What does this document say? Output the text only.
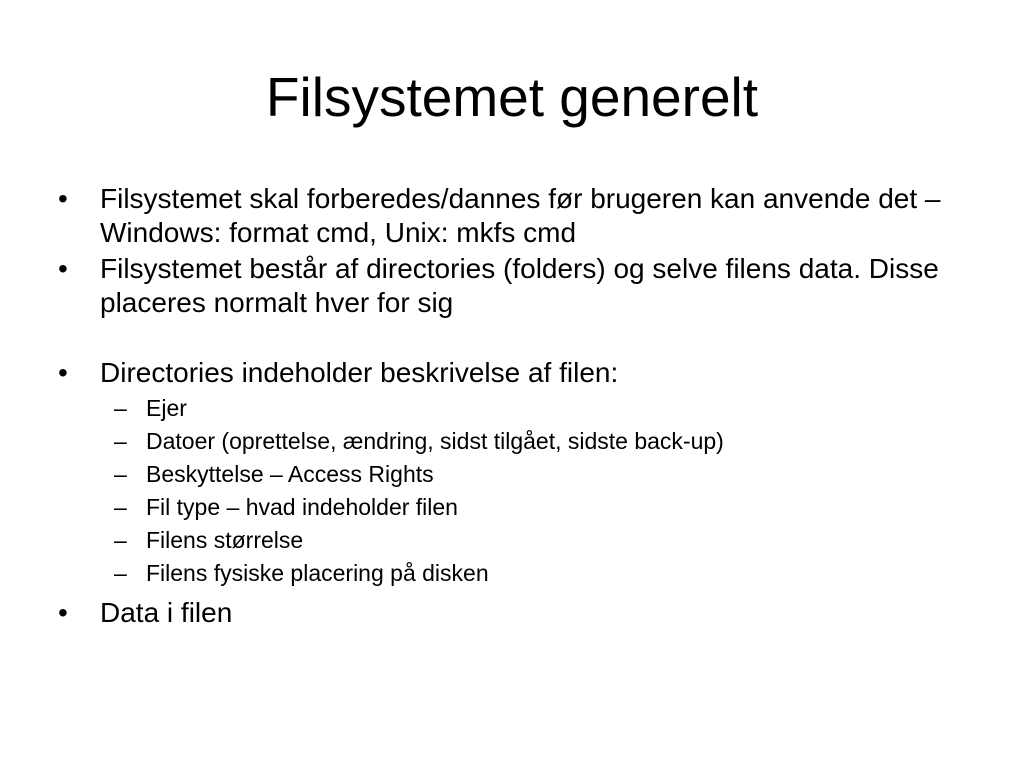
Filsystemet generelt
• Filsystemet skal forberedes/dannes før brugeren kan anvende det – Windows: format cmd, Unix: mkfs cmd
• Filsystemet består af directories (folders) og selve filens data. Disse placeres normalt hver for sig
• Directories indeholder beskrivelse af filen:
– Ejer
– Datoer (oprettelse, ændring, sidst tilgået, sidste back-up)
– Beskyttelse – Access Rights
– Fil type – hvad indeholder filen
– Filens størrelse
– Filens fysiske placering på disken
• Data i filen
